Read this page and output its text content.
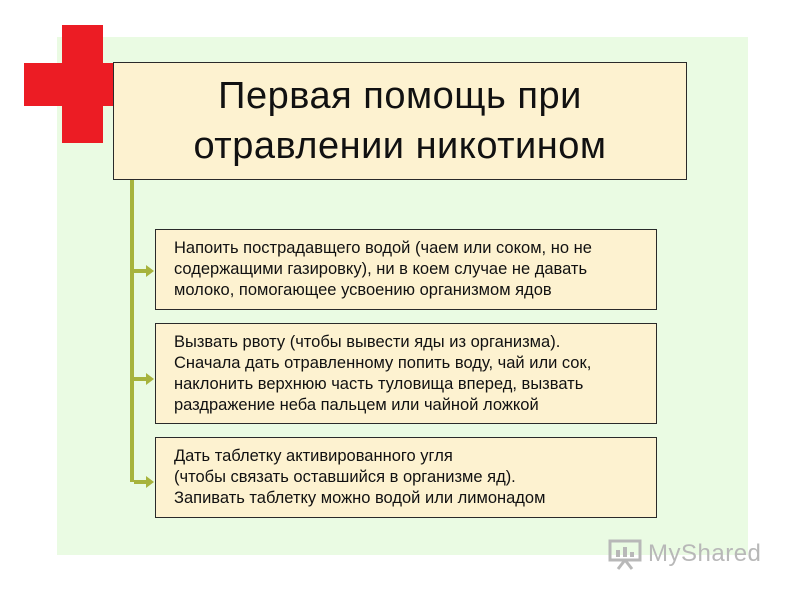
Первая помощь при
отравлении никотином
Напоить пострадавщего водой (чаем или соком, но не
содержащими газировку), ни в коем случае не давать
молоко, помогающее усвоению организмом ядов
Вызвать рвоту (чтобы вывести яды из организма).
Сначала дать отравленному попить воду, чай или сок,
наклонить верхнюю часть туловища вперед, вызвать
раздражение неба пальцем или чайной ложкой
Дать таблетку активированного угля
(чтобы связать оставшийся в организме яд).
Запивать таблетку можно водой или лимонадом
MyShared
